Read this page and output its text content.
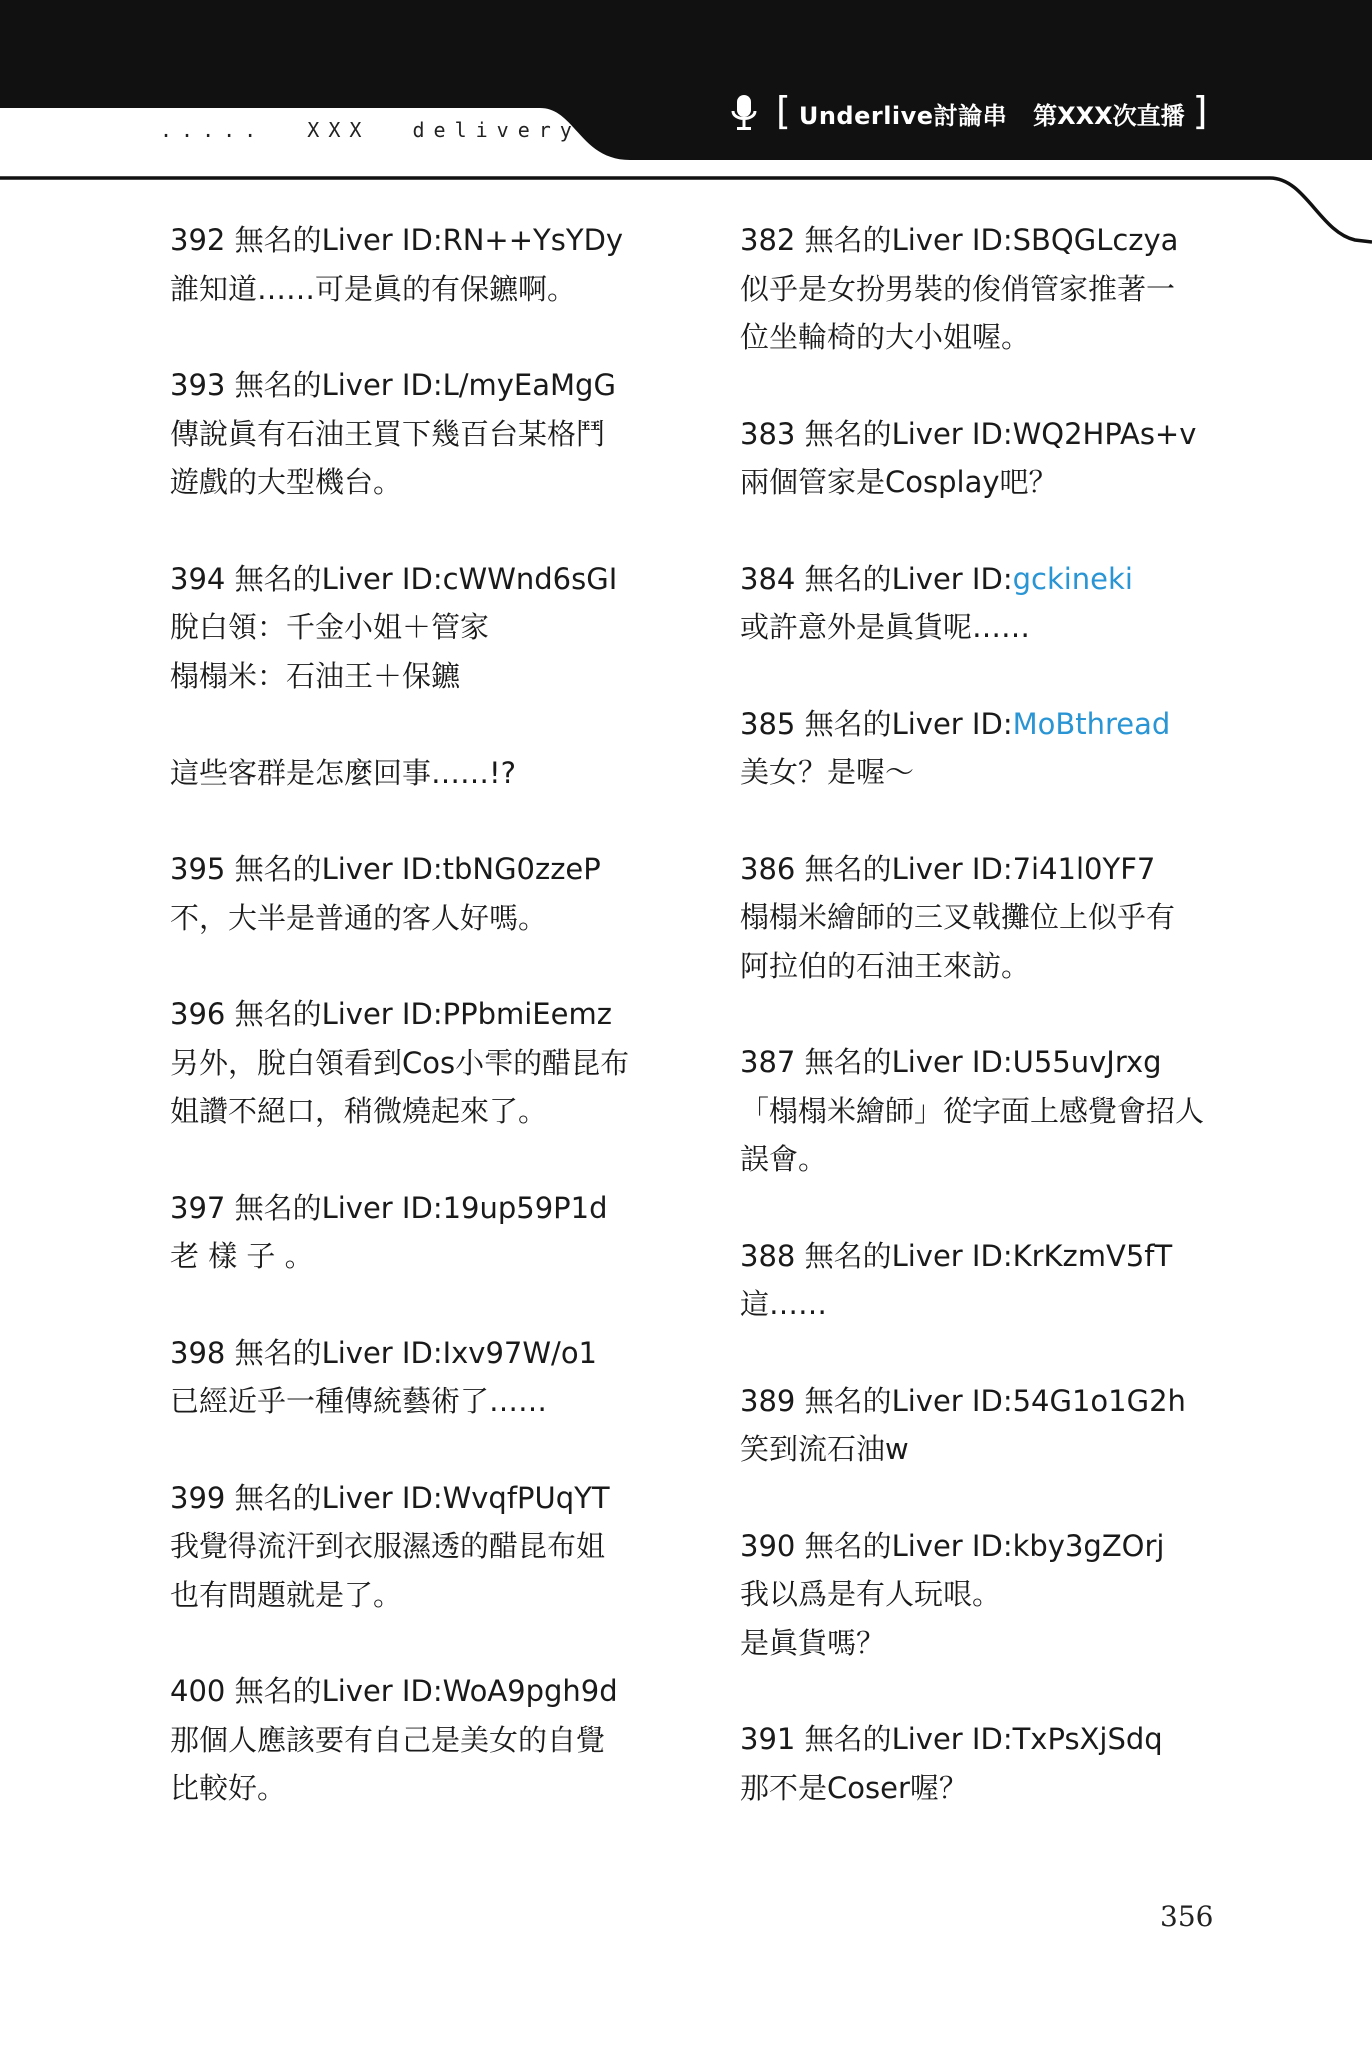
.....  XXX  delivery	[ Underlive討論串 第XXX次直播 ]
392 無名的Liver ID:RN++YsYDy
誰知道……可是眞的有保鑣啊。
393 無名的Liver ID:L/myEaMgG
傳說眞有石油王買下幾百台某格鬥
遊戲的大型機台。
394 無名的Liver ID:cWWnd6sGI
脫白領：千金小姐＋管家
榻榻米：石油王＋保鑣
這些客群是怎麼回事……!?
395 無名的Liver ID:tbNG0zzeP
不，大半是普通的客人好嗎。
396 無名的Liver ID:PPbmiEemz
另外，脫白領看到Cos小雫的醋昆布
姐讚不絕口，稍微燒起來了。
397 無名的Liver ID:19up59P1d
老 樣 子 。
398 無名的Liver ID:Ixv97W/o1
已經近乎一種傳統藝術了……
399 無名的Liver ID:WvqfPUqYT
我覺得流汗到衣服濕透的醋昆布姐
也有問題就是了。
400 無名的Liver ID:WoA9pgh9d
那個人應該要有自己是美女的自覺
比較好。
382 無名的Liver ID:SBQGLczya
似乎是女扮男裝的俊俏管家推著一
位坐輪椅的大小姐喔。
383 無名的Liver ID:WQ2HPAs+v
兩個管家是Cosplay吧？
384 無名的Liver ID:gckineki
或許意外是眞貨呢……
385 無名的Liver ID:MoBthread
美女？是喔～
386 無名的Liver ID:7i41l0YF7
榻榻米繪師的三叉戟攤位上似乎有
阿拉伯的石油王來訪。
387 無名的Liver ID:U55uvJrxg
「榻榻米繪師」從字面上感覺會招人
誤會。
388 無名的Liver ID:KrKzmV5fT
這……
389 無名的Liver ID:54G1o1G2h
笑到流石油w
390 無名的Liver ID:kby3gZOrj
我以爲是有人玩哏。
是眞貨嗎？
391 無名的Liver ID:TxPsXjSdq
那不是Coser喔？
356
